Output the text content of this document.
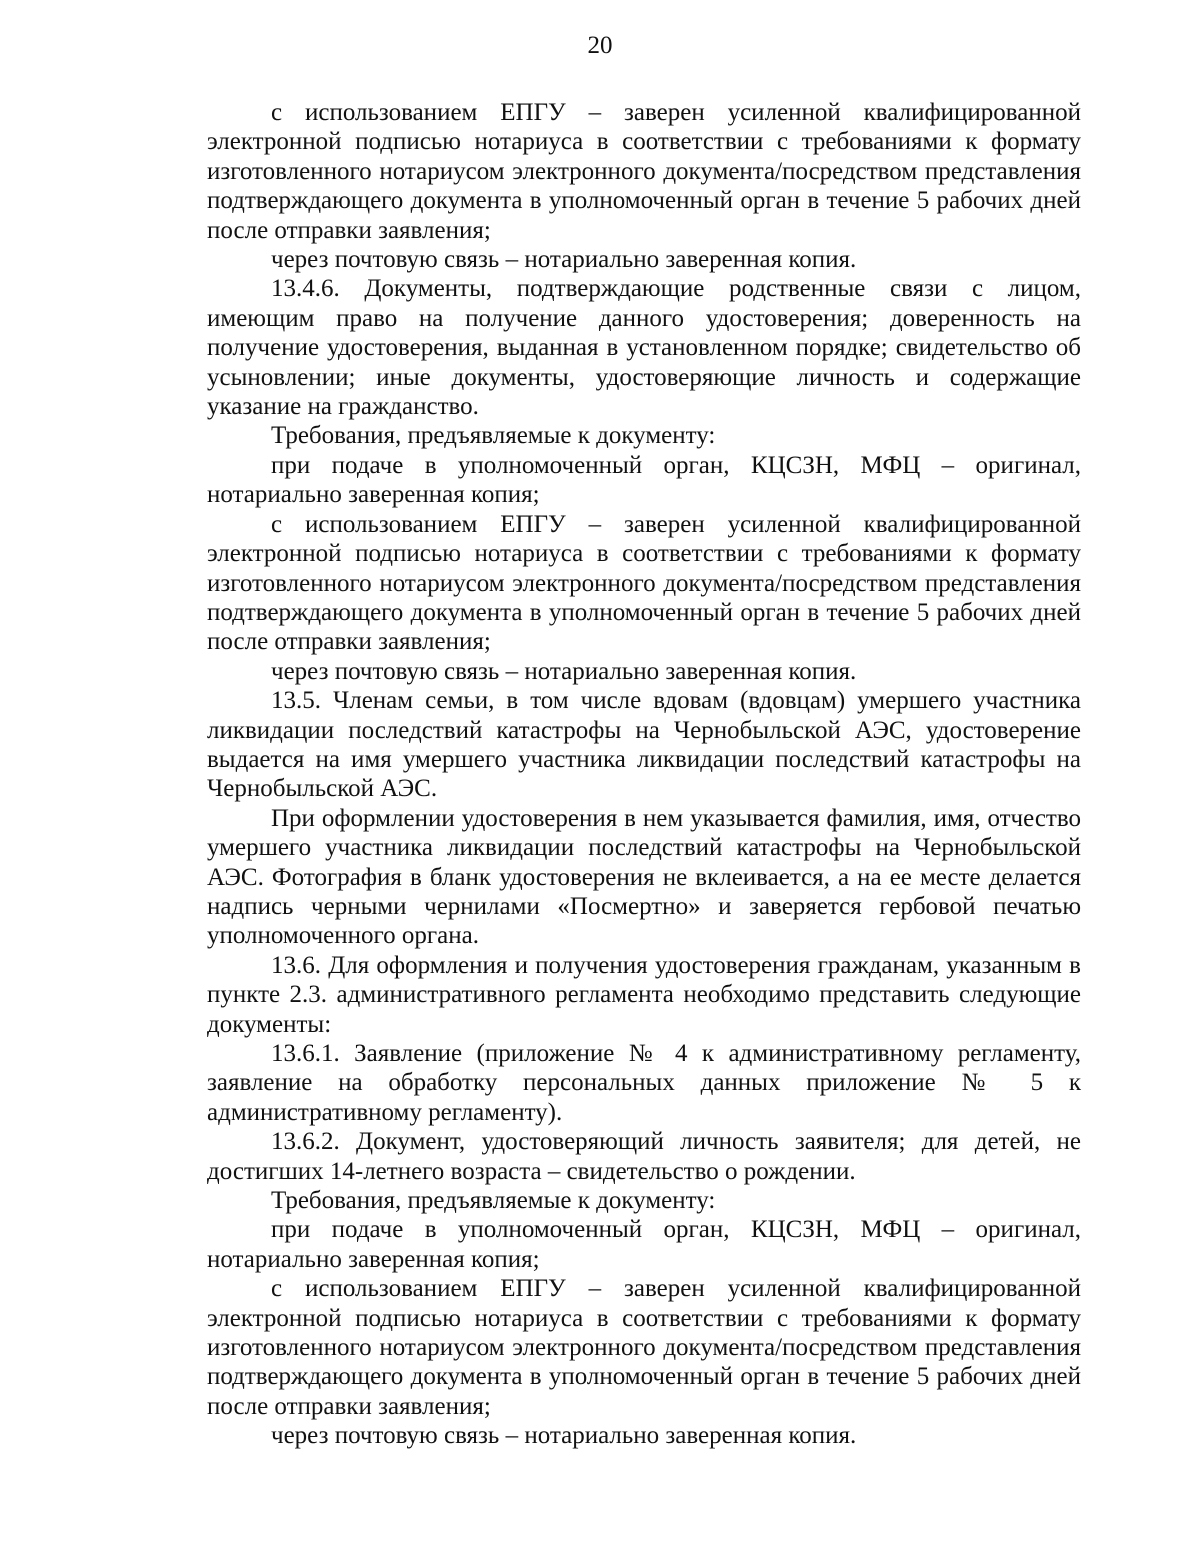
20

с использованием ЕПГУ – заверен усиленной квалифицированной электронной подписью нотариуса в соответствии с требованиями к формату изготовленного нотариусом электронного документа/посредством представления подтверждающего документа в уполномоченный орган в течение 5 рабочих дней после отправки заявления;

через почтовую связь – нотариально заверенная копия.

13.4.6. Документы, подтверждающие родственные связи с лицом, имеющим право на получение данного удостоверения; доверенность на получение удостоверения, выданная в установленном порядке; свидетельство об усыновлении; иные документы, удостоверяющие личность и содержащие указание на гражданство.

Требования, предъявляемые к документу:

при подаче в уполномоченный орган, КЦСЗН, МФЦ – оригинал, нотариально заверенная копия;

с использованием ЕПГУ – заверен усиленной квалифицированной электронной подписью нотариуса в соответствии с требованиями к формату изготовленного нотариусом электронного документа/посредством представления подтверждающего документа в уполномоченный орган в течение 5 рабочих дней после отправки заявления;

через почтовую связь – нотариально заверенная копия.

13.5. Членам семьи, в том числе вдовам (вдовцам) умершего участника ликвидации последствий катастрофы на Чернобыльской АЭС, удостоверение выдается на имя умершего участника ликвидации последствий катастрофы на Чернобыльской АЭС.

При оформлении удостоверения в нем указывается фамилия, имя, отчество умершего участника ликвидации последствий катастрофы на Чернобыльской АЭС. Фотография в бланк удостоверения не вклеивается, а на ее месте делается надпись черными чернилами «Посмертно» и заверяется гербовой печатью уполномоченного органа.

13.6. Для оформления и получения удостоверения гражданам, указанным в пункте 2.3. административного регламента необходимо представить следующие документы:

13.6.1. Заявление (приложение № 4 к административному регламенту, заявление на обработку персональных данных приложение № 5 к административному регламенту).

13.6.2. Документ, удостоверяющий личность заявителя; для детей, не достигших 14-летнего возраста – свидетельство о рождении.

Требования, предъявляемые к документу:

при подаче в уполномоченный орган, КЦСЗН, МФЦ – оригинал, нотариально заверенная копия;

с использованием ЕПГУ – заверен усиленной квалифицированной электронной подписью нотариуса в соответствии с требованиями к формату изготовленного нотариусом электронного документа/посредством представления подтверждающего документа в уполномоченный орган в течение 5 рабочих дней после отправки заявления;

через почтовую связь – нотариально заверенная копия.
